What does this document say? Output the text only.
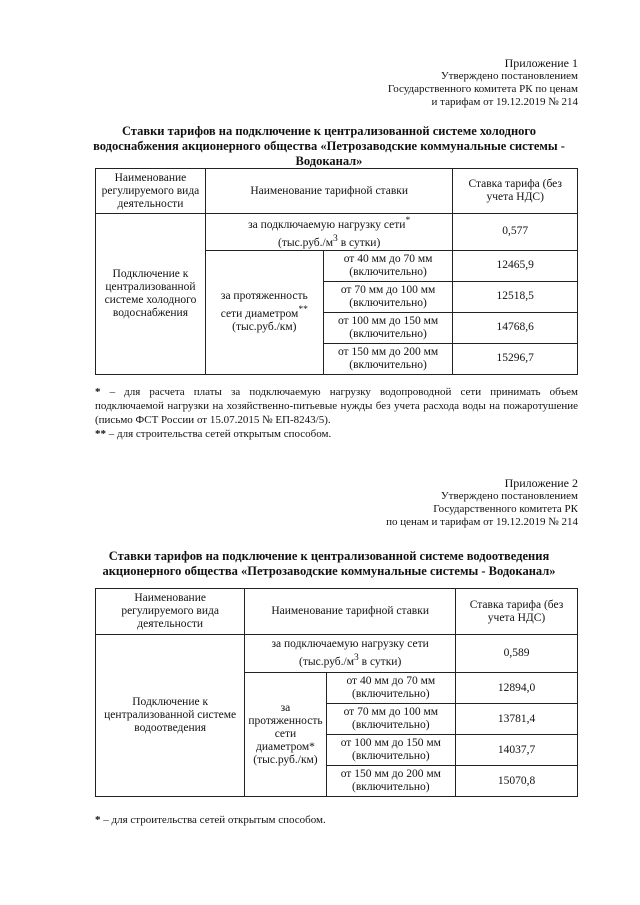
Приложение 1
Утверждено постановлением
Государственного комитета РК по ценам
и тарифам от 19.12.2019 № 214
Ставки тарифов на подключение к централизованной системе холодного водоснабжения акционерного общества «Петрозаводские коммунальные системы - Водоканал»
Наименование регулируемого вида деятельности	Наименование тарифной ставки		Ставка тарифа (без учета НДС)
Подключение к централизованной системе холодного водоснабжения	за подключаемую нагрузку сети*
($тыс.руб./м^3$ в сутки)		0,577
	за протяженность сети диаметром**
(тыс.руб./км)	от 40 мм до 70 мм
(включительно)	12465,9
		от 70 мм до 100 мм
(включительно)	12518,5
		от 100 мм до 150 мм
(включительно)	14768,6
		от 150 мм до 200 мм
(включительно)	15296,7

* – для расчета платы за подключаемую нагрузку водопроводной сети принимать объем подключаемой нагрузки на хозяйственно-питьевые нужды без учета расхода воды на пожаротушение (письмо ФСТ России от 15.07.2015 № ЕП-8243/5).

** – для строительства сетей открытым способом.

Приложение 2
Утверждено постановлением
Государственного комитета РК
по ценам и тарифам от 19.12.2019 № 214
Ставки тарифов на подключение к централизованной системе водоотведения акционерного общества «Петрозаводские коммунальные системы - Водоканал»
Наименование регулируемого вида деятельности	Наименование тарифной ставки		Ставка тарифа (без учета НДС)
Подключение к централизованной системе водоотведения	за подключаемую нагрузку сети
($тыс.руб./м^3$ в сутки)		0,589
	за
протяженность
сети диаметром*
(тыс.руб./км)	от 40 мм до 70 мм
(включительно)	12894,0
		от 70 мм до 100 мм
(включительно)	13781,4
		от 100 мм до 150 мм
(включительно)	14037,7
		от 150 мм до 200 мм
(включительно)	15070,8

* – для строительства сетей открытым способом.
